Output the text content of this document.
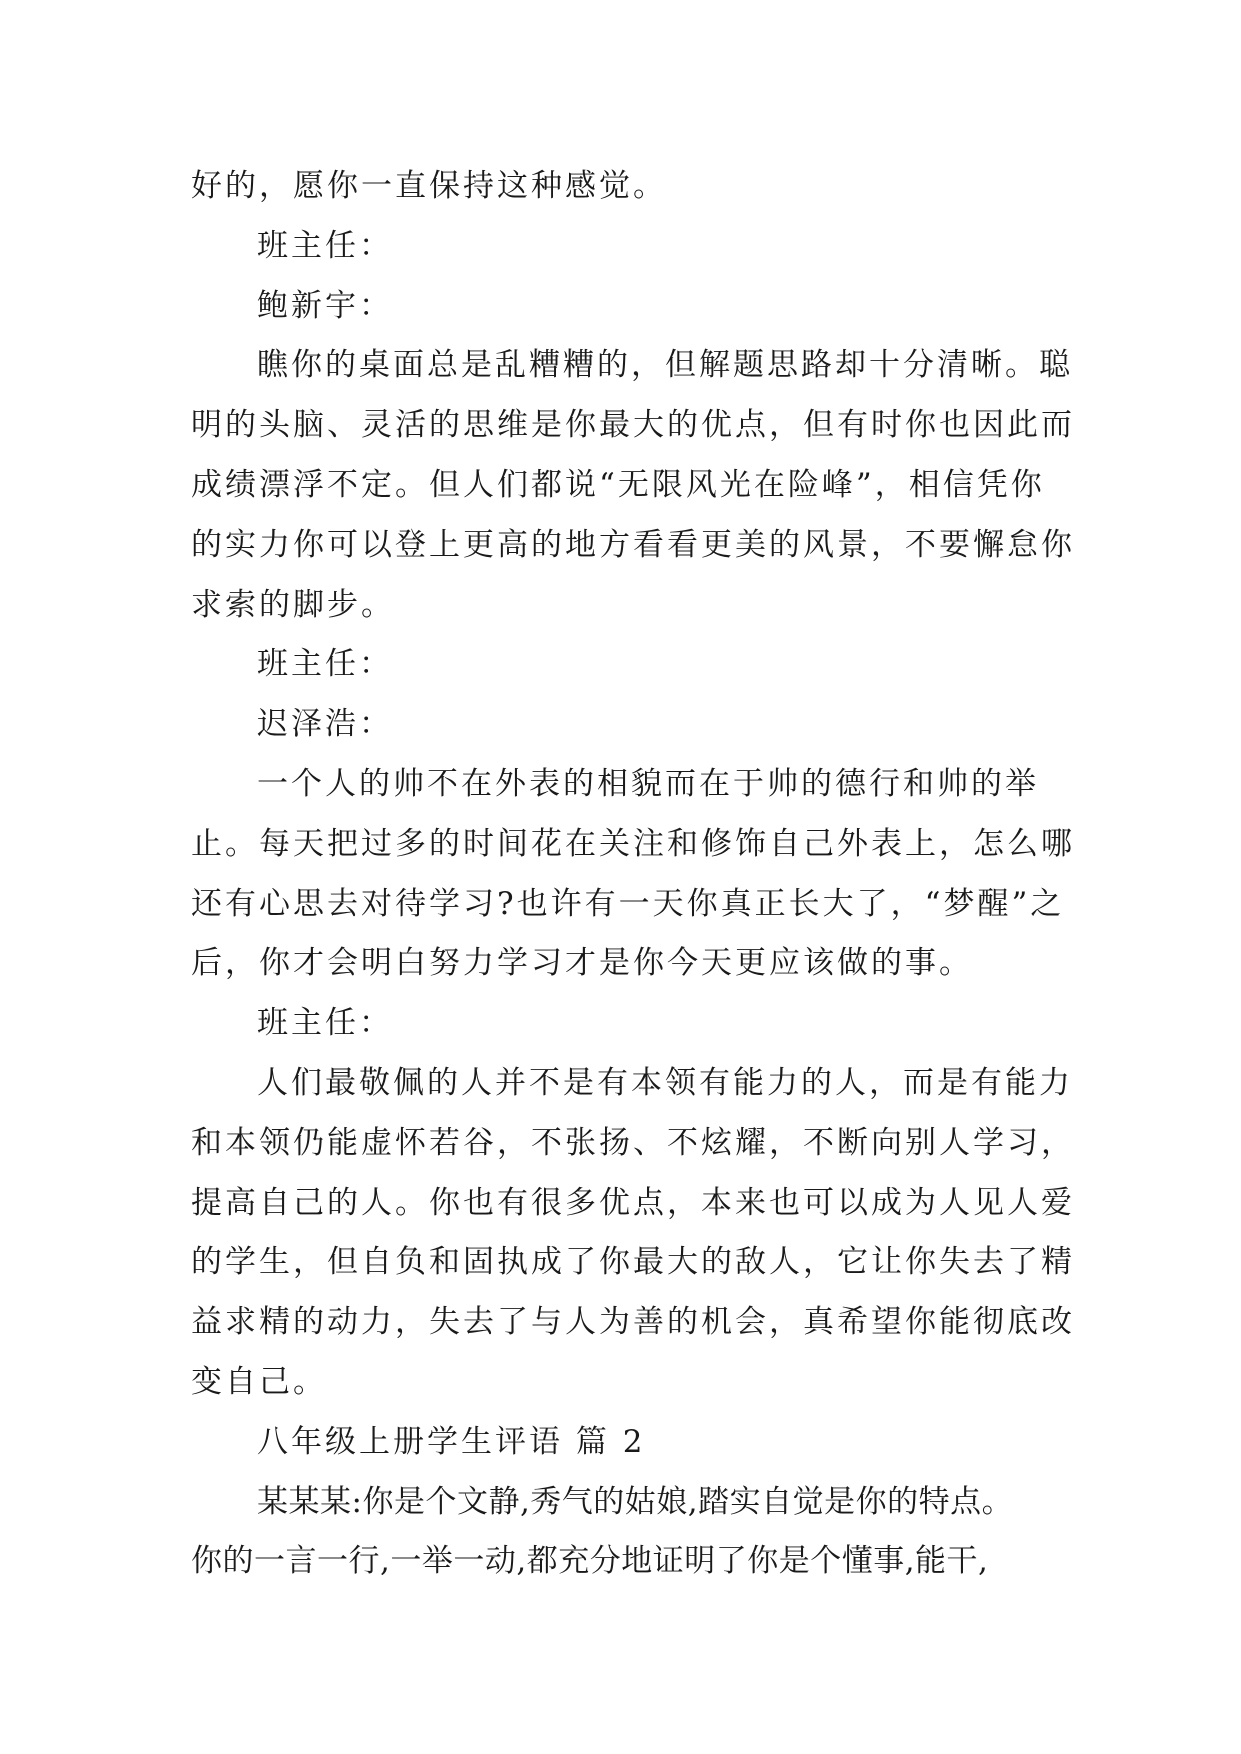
好的，愿你一直保持这种感觉。
班主任：
鲍新宇：
瞧你的桌面总是乱糟糟的，但解题思路却十分清晰。聪
明的头脑、灵活的思维是你最大的优点，但有时你也因此而
成绩漂浮不定。但人们都说“无限风光在险峰”，相信凭你
的实力你可以登上更高的地方看看更美的风景，不要懈怠你
求索的脚步。
班主任：
迟泽浩：
一个人的帅不在外表的相貌而在于帅的德行和帅的举
止。每天把过多的时间花在关注和修饰自己外表上，怎么哪
还有心思去对待学习?也许有一天你真正长大了，“梦醒”之
后，你才会明白努力学习才是你今天更应该做的事。
班主任：
人们最敬佩的人并不是有本领有能力的人，而是有能力
和本领仍能虚怀若谷，不张扬、不炫耀，不断向别人学习，
提高自己的人。你也有很多优点，本来也可以成为人见人爱
的学生，但自负和固执成了你最大的敌人，它让你失去了精
益求精的动力，失去了与人为善的机会，真希望你能彻底改
变自己。
八年级上册学生评语 篇 2
某某某:你是个文静,秀气的姑娘,踏实自觉是你的特点。
你的一言一行,一举一动,都充分地证明了你是个懂事,能干,
